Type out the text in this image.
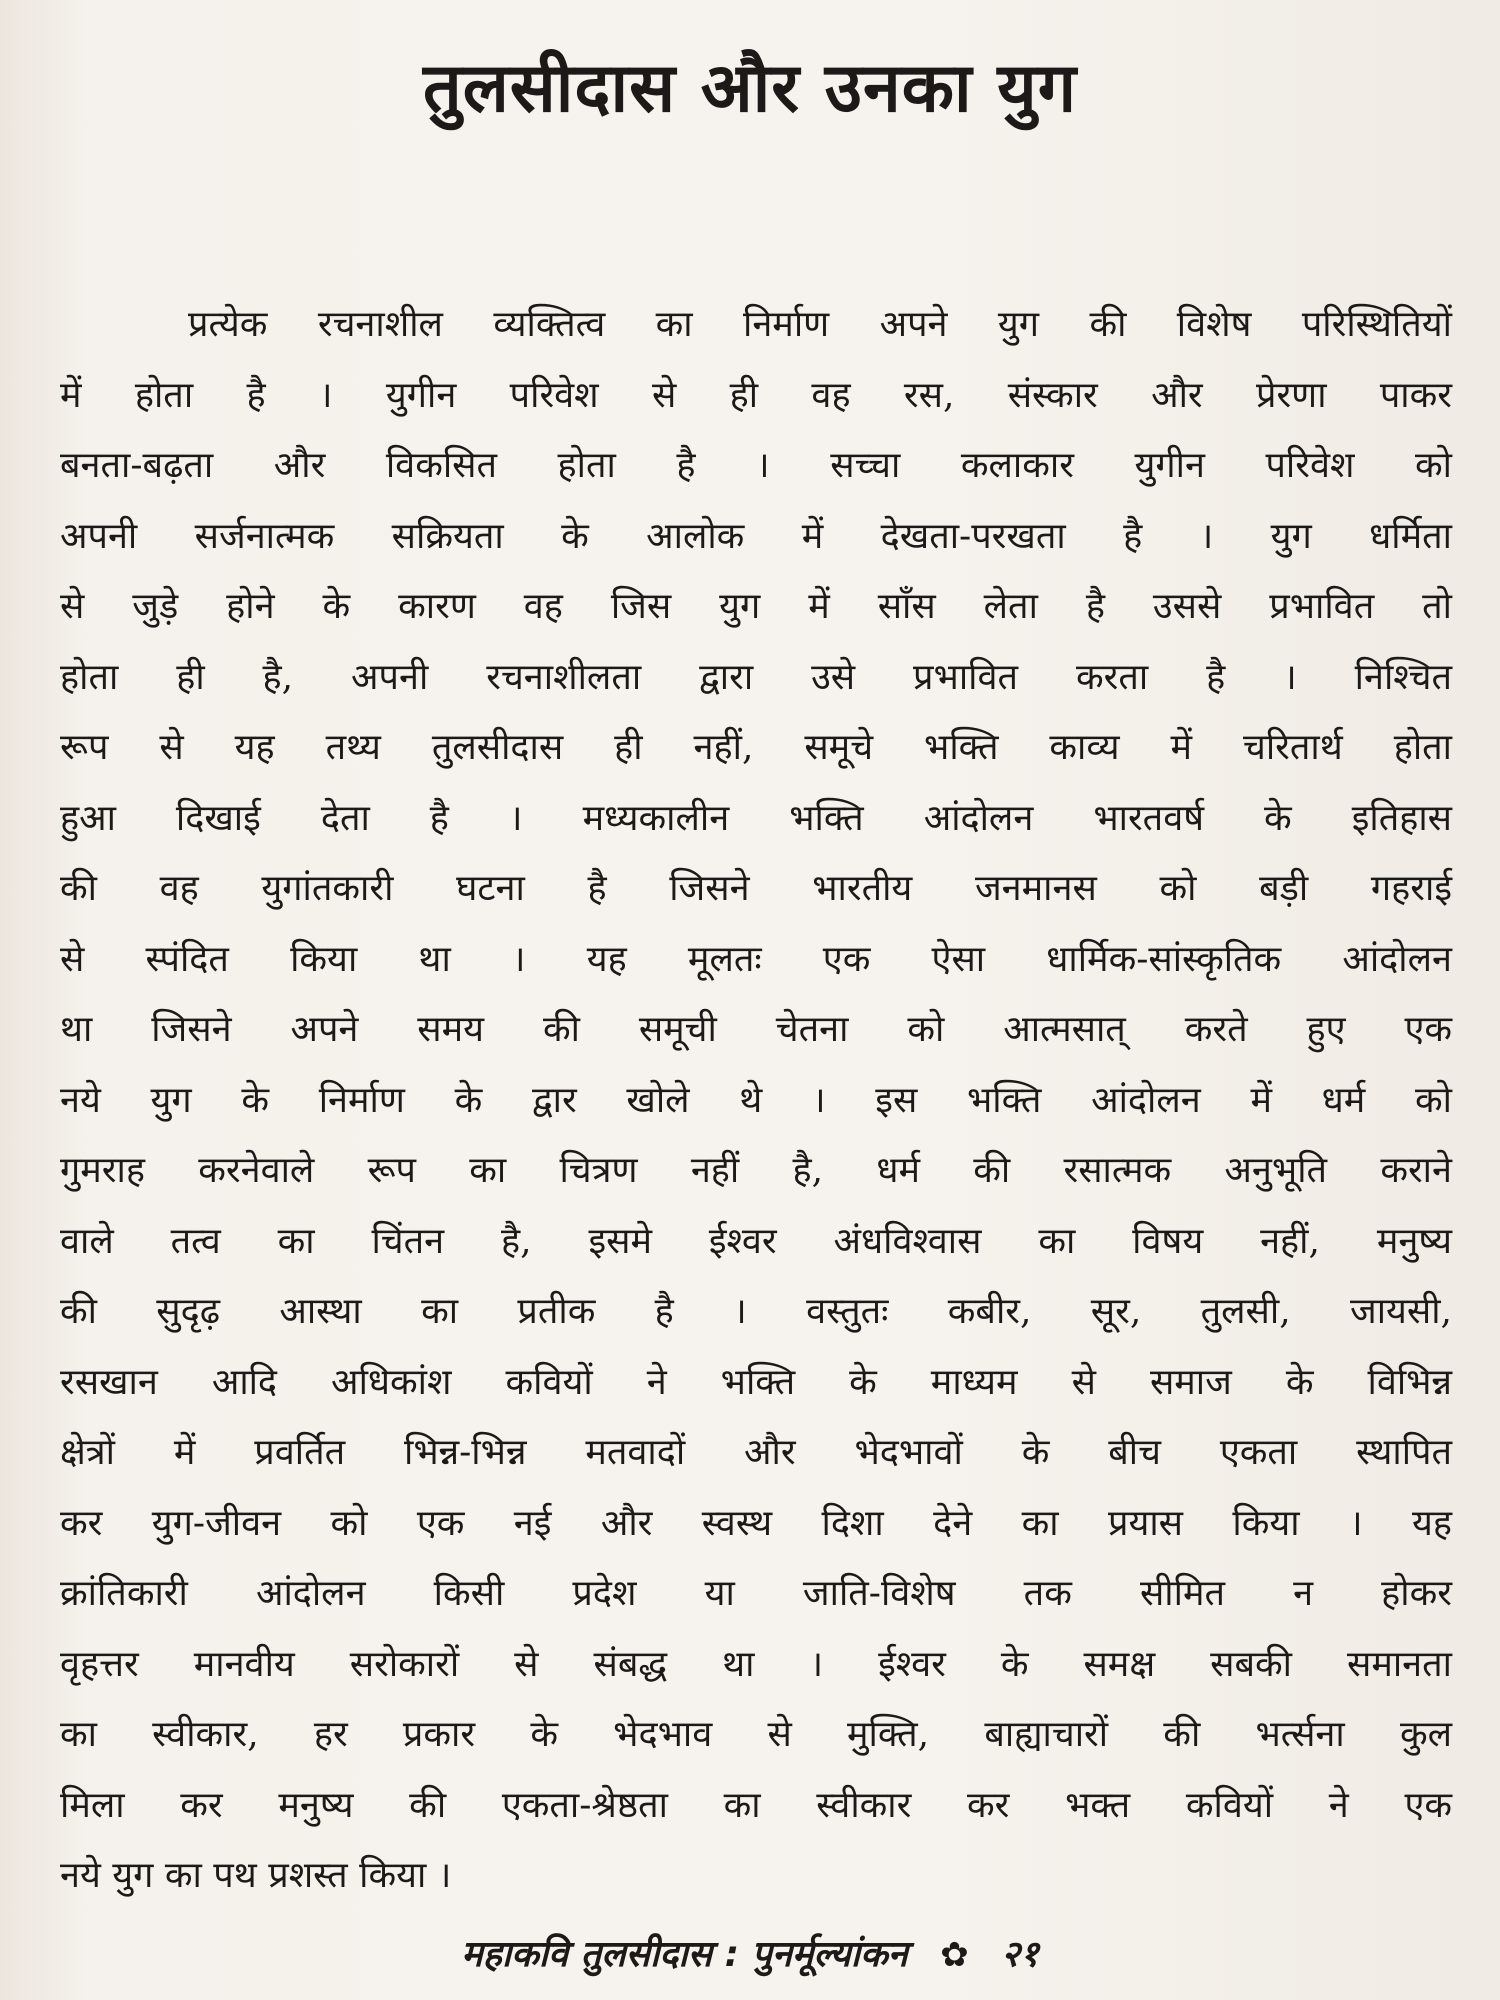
तुलसीदास और उनका युग
प्रत्येक रचनाशील व्यक्तित्व का निर्माण अपने युग की विशेष परिस्थितियों
में होता है । युगीन परिवेश से ही वह रस, संस्कार और प्रेरणा पाकर
बनता-बढ़ता और विकसित होता है । सच्चा कलाकार युगीन परिवेश को
अपनी सर्जनात्मक सक्रियता के आलोक में देखता-परखता है । युग धर्मिता
से जुड़े होने के कारण वह जिस युग में साँस लेता है उससे प्रभावित तो
होता ही है, अपनी रचनाशीलता द्वारा उसे प्रभावित करता है । निश्चित
रूप से यह तथ्य तुलसीदास ही नहीं, समूचे भक्ति काव्य में चरितार्थ होता
हुआ दिखाई देता है । मध्यकालीन भक्ति आंदोलन भारतवर्ष के इतिहास
की वह युगांतकारी घटना है जिसने भारतीय जनमानस को बड़ी गहराई
से स्पंदित किया था । यह मूलतः एक ऐसा धार्मिक-सांस्कृतिक आंदोलन
था जिसने अपने समय की समूची चेतना को आत्मसात् करते हुए एक
नये युग के निर्माण के द्वार खोले थे । इस भक्ति आंदोलन में धर्म को
गुमराह करनेवाले रूप का चित्रण नहीं है, धर्म की रसात्मक अनुभूति कराने
वाले तत्व का चिंतन है, इसमे ईश्वर अंधविश्वास का विषय नहीं, मनुष्य
की सुदृढ़ आस्था का प्रतीक है । वस्तुतः कबीर, सूर, तुलसी, जायसी,
रसखान आदि अधिकांश कवियों ने भक्ति के माध्यम से समाज के विभिन्न
क्षेत्रों में प्रवर्तित भिन्न-भिन्न मतवादों और भेदभावों के बीच एकता स्थापित
कर युग-जीवन को एक नई और स्वस्थ दिशा देने का प्रयास किया । यह
क्रांतिकारी आंदोलन किसी प्रदेश या जाति-विशेष तक सीमित न होकर
वृहत्तर मानवीय सरोकारों से संबद्ध था । ईश्वर के समक्ष सबकी समानता
का स्वीकार, हर प्रकार के भेदभाव से मुक्ति, बाह्याचारों की भर्त्सना कुल
मिला कर मनुष्य की एकता-श्रेष्ठता का स्वीकार कर भक्त कवियों ने एक
नये युग का पथ प्रशस्त किया ।
महाकवि तुलसीदास : पुनर्मूल्यांकन ✿ २१
